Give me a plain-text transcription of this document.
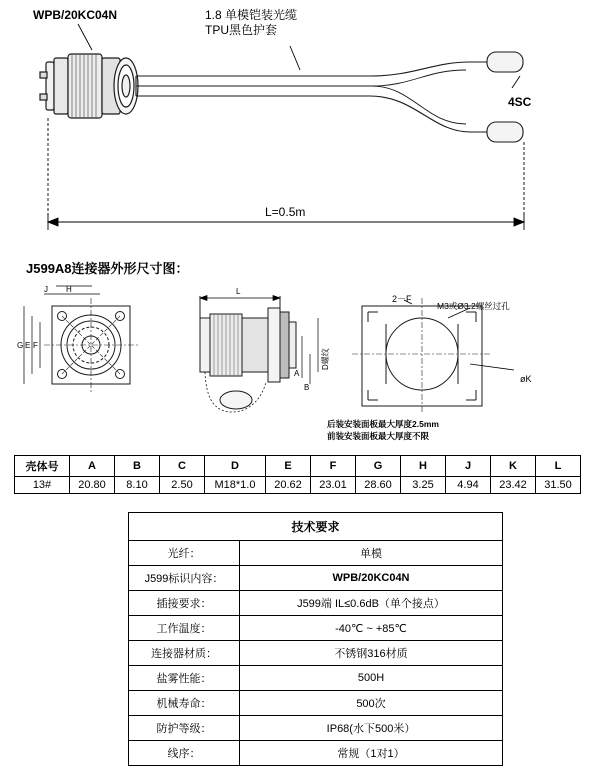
WPB/20KC04N	1.8 单模铠装光缆
TPU黑色护套
4SC
L=0.5m
J599A8连接器外形尺寸图：
G E F
H
J	L
B
A
D螺纹
2－F
M3或Ø3.2螺丝过孔
øK
后装安装面板最大厚度2.5mm
前装安装面板最大厚度不限
壳体号	A	B	C	D	E	F	G	H	J	K	L
13#	20.80	8.10	2.50	M18*1.0	20.62	23.01	28.60	3.25	4.94	23.42	31.50
技术要求	
光纤：	单模
J599标识内容：	WPB/20KC04N
插接要求：	J599端 IL≤0.6dB（单个接点）
工作温度：	-40℃ ~ +85℃
连接器材质：	不锈钢316材质
盐雾性能：	500H
机械寿命：	500次
防护等级：	IP68(水下500米）
线序：	常规（1对1）
